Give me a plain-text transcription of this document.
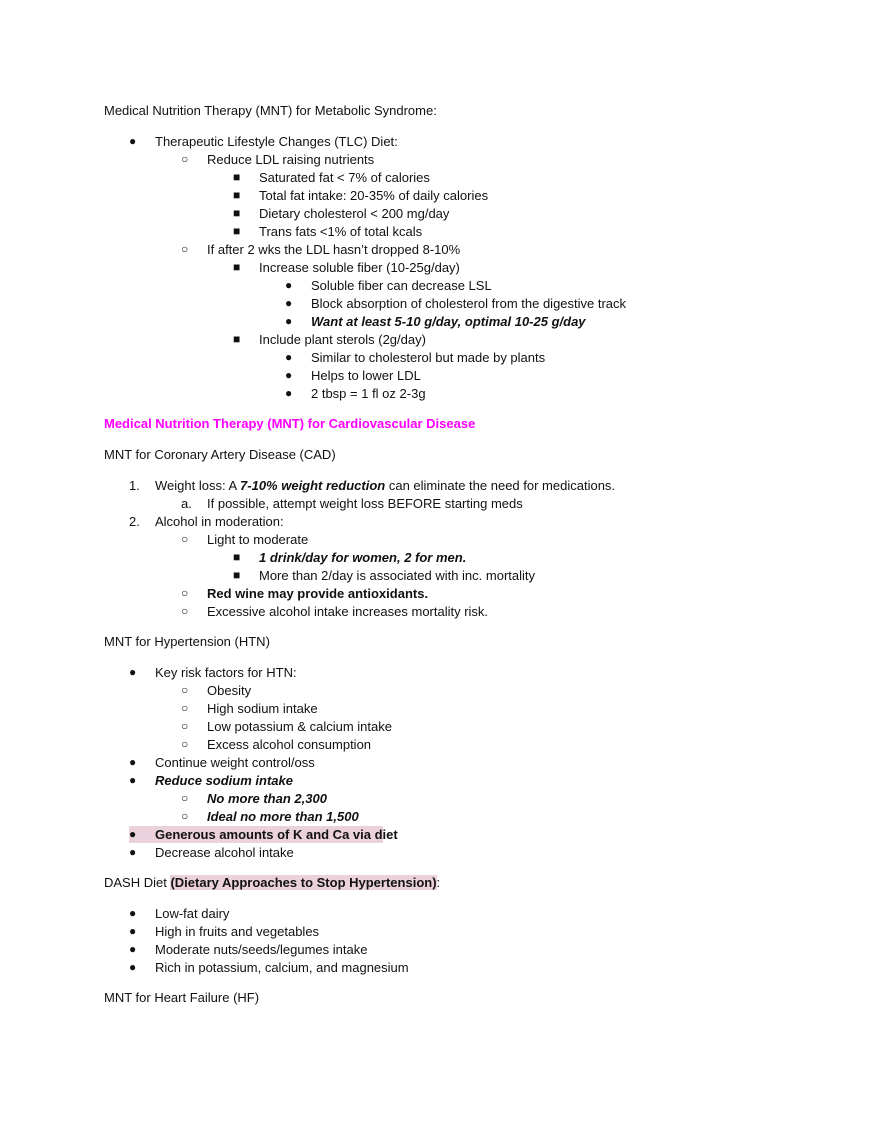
Medical Nutrition Therapy (MNT) for Metabolic Syndrome:
● Therapeutic Lifestyle Changes (TLC) Diet:
○ Reduce LDL raising nutrients
■ Saturated fat < 7% of calories
■ Total fat intake: 20-35% of daily calories
■ Dietary cholesterol < 200 mg/day
■ Trans fats <1% of total kcals
○ If after 2 wks the LDL hasn’t dropped 8-10%
■ Increase soluble fiber (10-25g/day)
● Soluble fiber can decrease LSL
● Block absorption of cholesterol from the digestive track
● Want at least 5-10 g/day, optimal 10-25 g/day
■ Include plant sterols (2g/day)
● Similar to cholesterol but made by plants
● Helps to lower LDL
● 2 tbsp = 1 fl oz 2-3g
Medical Nutrition Therapy (MNT) for Cardiovascular Disease
MNT for Coronary Artery Disease (CAD)
1. Weight loss: A 7-10% weight reduction can eliminate the need for medications.
a. If possible, attempt weight loss BEFORE starting meds
2. Alcohol in moderation:
○ Light to moderate
■ 1 drink/day for women, 2 for men.
■ More than 2/day is associated with inc. mortality
○ Red wine may provide antioxidants.
○ Excessive alcohol intake increases mortality risk.
MNT for Hypertension (HTN)
● Key risk factors for HTN:
○ Obesity
○ High sodium intake
○ Low potassium & calcium intake
○ Excess alcohol consumption
● Continue weight control/oss
● Reduce sodium intake
○ No more than 2,300
○ Ideal no more than 1,500
● Generous amounts of K and Ca via diet
● Decrease alcohol intake
DASH Diet (Dietary Approaches to Stop Hypertension):
● Low-fat dairy
● High in fruits and vegetables
● Moderate nuts/seeds/legumes intake
● Rich in potassium, calcium, and magnesium
MNT for Heart Failure (HF)
